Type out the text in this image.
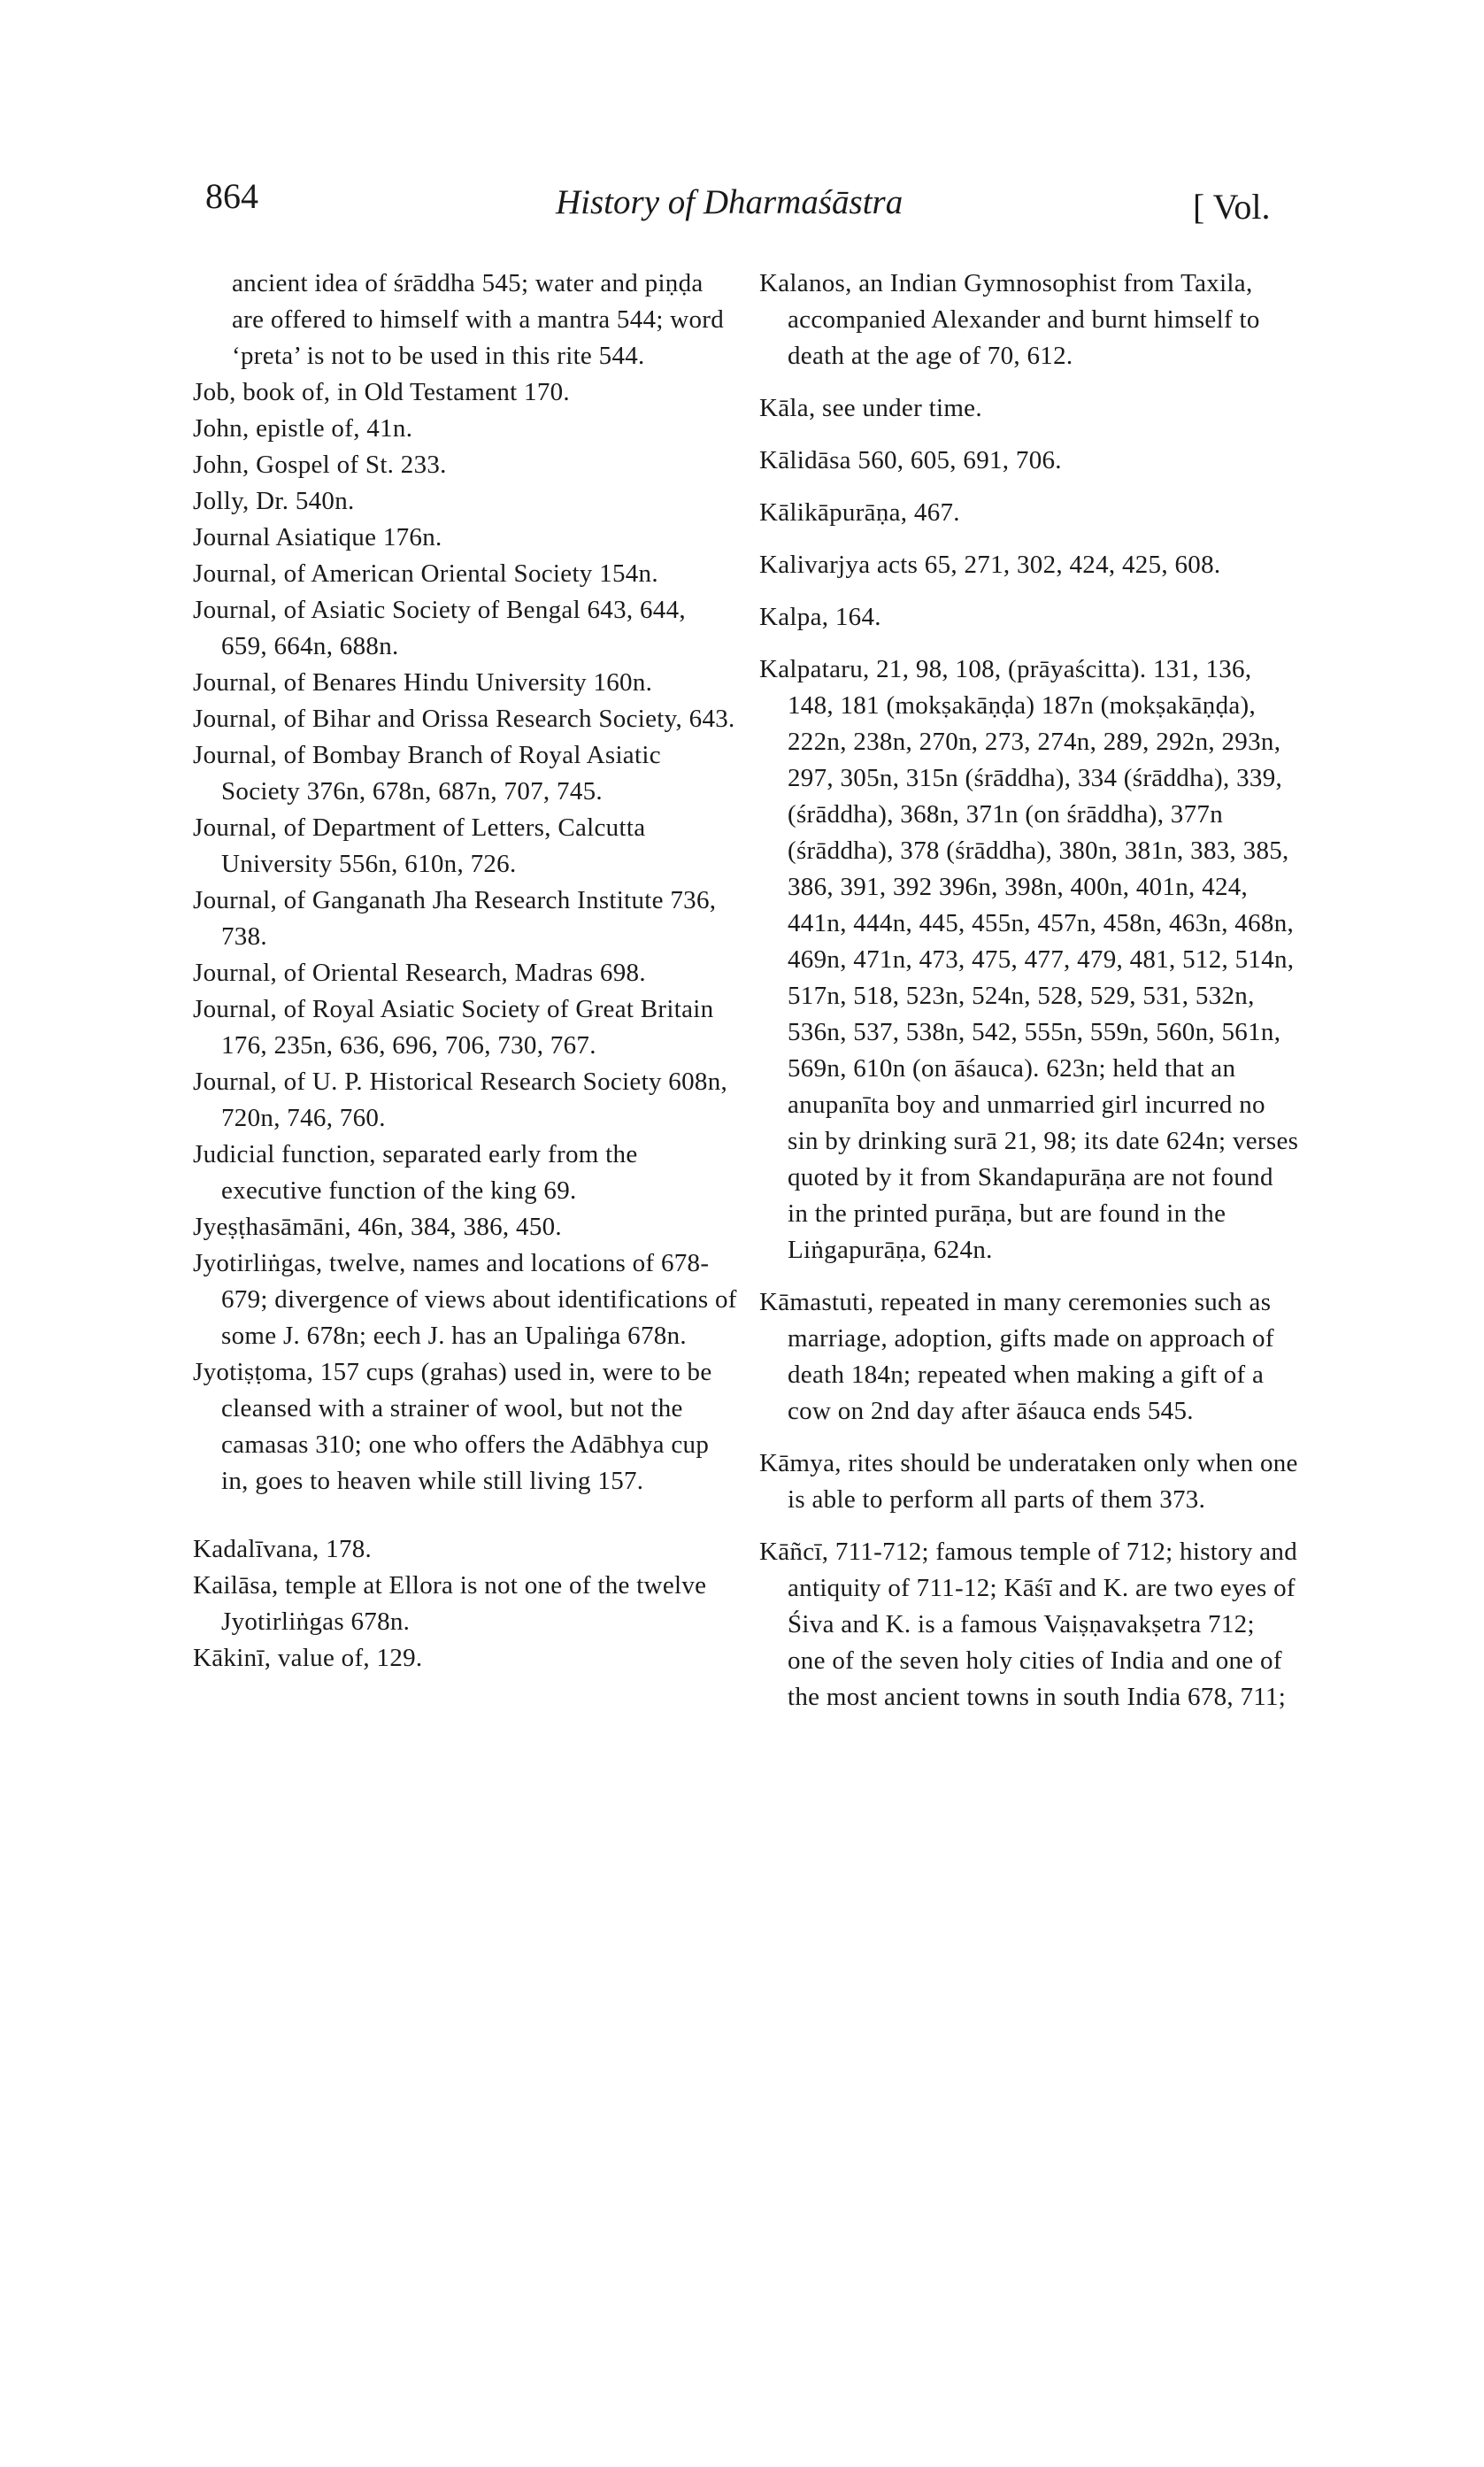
864	History of Dharmaśāstra	[ Vol.
ancient idea of śrāddha 545; water and piṇḍa are offered to himself with a mantra 544; word ‘preta’ is not to be used in this rite 544.
Job, book of, in Old Testament 170.
John, epistle of, 41n.
John, Gospel of St. 233.
Jolly, Dr. 540n.
Journal Asiatique 176n.
Journal, of American Oriental Society 154n.
Journal, of Asiatic Society of Bengal 643, 644, 659, 664n, 688n.
Journal, of Benares Hindu University 160n.
Journal, of Bihar and Orissa Research Society, 643.
Journal, of Bombay Branch of Royal Asiatic Society 376n, 678n, 687n, 707, 745.
Journal, of Department of Letters, Calcutta University 556n, 610n, 726.
Journal, of Ganganath Jha Research Institute 736, 738.
Journal, of Oriental Research, Madras 698.
Journal, of Royal Asiatic Society of Great Britain 176, 235n, 636, 696, 706, 730, 767.
Journal, of U. P. Historical Research Society 608n, 720n, 746, 760.
Judicial function, separated early from the executive function of the king 69.
Jyeṣṭhasāmāni, 46n, 384, 386, 450.
Jyotirliṅgas, twelve, names and locations of 678-679; divergence of views about identifications of some J. 678n; eech J. has an Upaliṅga 678n.
Jyotiṣṭoma, 157 cups (grahas) used in, were to be cleansed with a strainer of wool, but not the camasas 310; one who offers the Adābhya cup in, goes to heaven while still living 157.
Kadalīvana, 178.
Kailāsa, temple at Ellora is not one of the twelve Jyotirliṅgas 678n.
Kākinī, value of, 129.
Kalanos, an Indian Gymnosophist from Taxila, accompanied Alexander and burnt himself to death at the age of 70, 612.
Kāla, see under time.
Kālidāsa 560, 605, 691, 706.
Kālikāpurāṇa, 467.
Kalivarjya acts 65, 271, 302, 424, 425, 608.
Kalpa, 164.
Kalpataru, 21, 98, 108, (prāyaścitta). 131, 136, 148, 181 (mokṣakāṇḍa) 187n (mokṣakāṇḍa), 222n, 238n, 270n, 273, 274n, 289, 292n, 293n, 297, 305n, 315n (śrāddha), 334 (śrāddha), 339, (śrāddha), 368n, 371n (on śrāddha), 377n (śrāddha), 378 (śrāddha), 380n, 381n, 383, 385, 386, 391, 392 396n, 398n, 400n, 401n, 424, 441n, 444n, 445, 455n, 457n, 458n, 463n, 468n, 469n, 471n, 473, 475, 477, 479, 481, 512, 514n, 517n, 518, 523n, 524n, 528, 529, 531, 532n, 536n, 537, 538n, 542, 555n, 559n, 560n, 561n, 569n, 610n (on āśauca). 623n; held that an anupanīta boy and unmarried girl incurred no sin by drinking surā 21, 98; its date 624n; verses quoted by it from Skandapurāṇa are not found in the printed purāṇa, but are found in the Liṅgapurāṇa, 624n.
Kāmastuti, repeated in many ceremonies such as marriage, adoption, gifts made on approach of death 184n; repeated when making a gift of a cow on 2nd day after āśauca ends 545.
Kāmya, rites should be underataken only when one is able to perform all parts of them 373.
Kāñcī, 711-712; famous temple of 712; history and antiquity of 711-12; Kāśī and K. are two eyes of Śiva and K. is a famous Vaiṣṇavakṣetra 712; one of the seven holy cities of India and one of the most ancient towns in south India 678, 711;
